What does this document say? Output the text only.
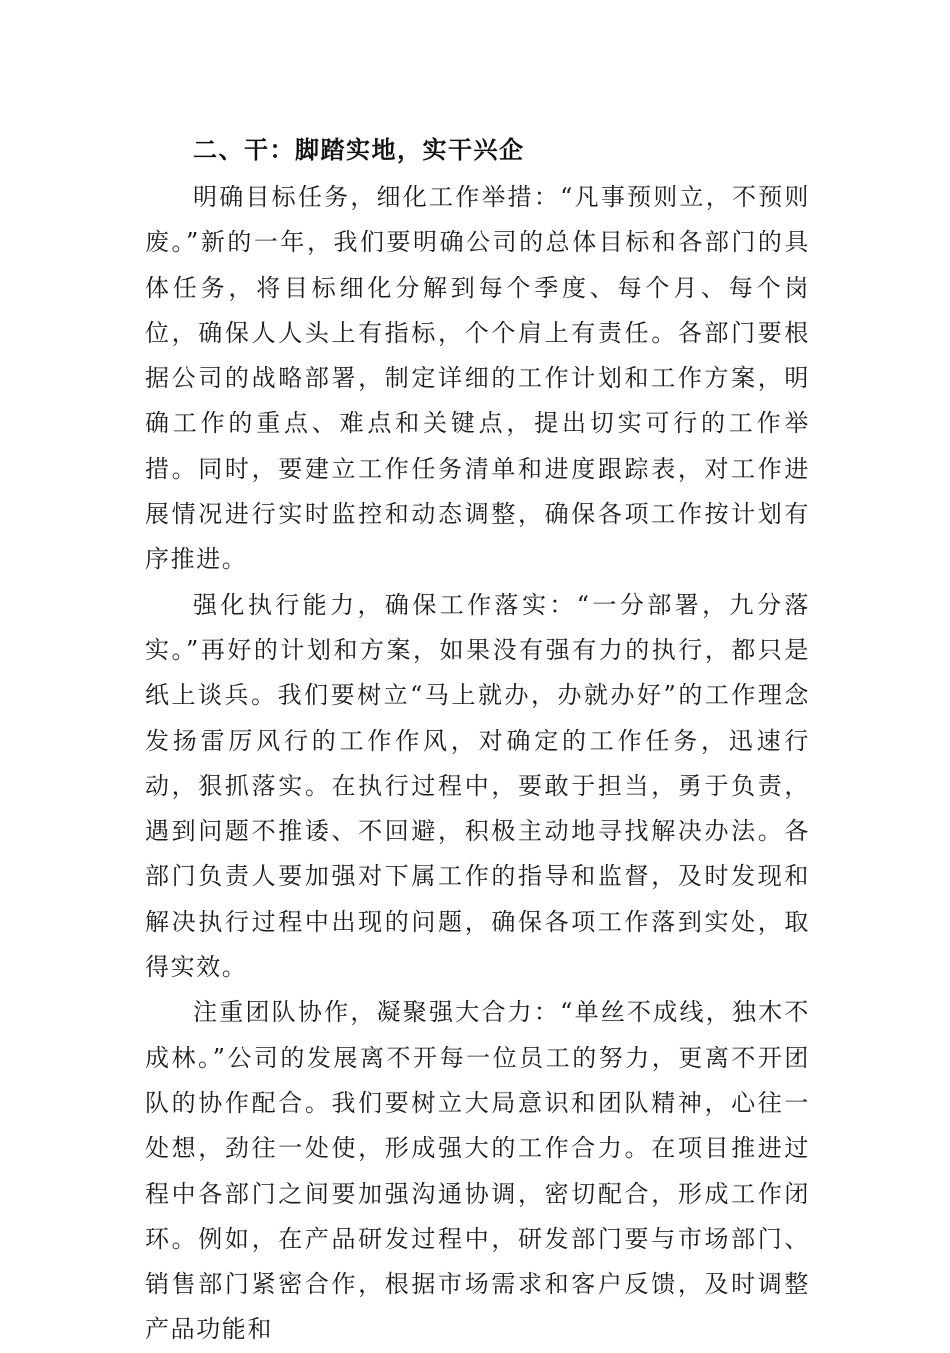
二、干：脚踏实地，实干兴企

明确目标任务，细化工作举措：“凡事预则立，不预则废。”新的一年，我们要明确公司的总体目标和各部门的具体任务，将目标细化分解到每个季度、每个月、每个岗位，确保人人头上有指标，个个肩上有责任。各部门要根据公司的战略部署，制定详细的工作计划和工作方案，明确工作的重点、难点和关键点，提出切实可行的工作举措。同时，要建立工作任务清单和进度跟踪表，对工作进展情况进行实时监控和动态调整，确保各项工作按计划有序推进。

强化执行能力，确保工作落实：“一分部署，九分落实。”再好的计划和方案，如果没有强有力的执行，都只是纸上谈兵。我们要树立“马上就办，办就办好”的工作理念发扬雷厉风行的工作作风，对确定的工作任务，迅速行动，狠抓落实。在执行过程中，要敢于担当，勇于负责，遇到问题不推诿、不回避，积极主动地寻找解决办法。各部门负责人要加强对下属工作的指导和监督，及时发现和解决执行过程中出现的问题，确保各项工作落到实处，取得实效。

注重团队协作，凝聚强大合力：“单丝不成线，独木不成林。”公司的发展离不开每一位员工的努力，更离不开团队的协作配合。我们要树立大局意识和团队精神，心往一处想，劲往一处使，形成强大的工作合力。在项目推进过程中各部门之间要加强沟通协调，密切配合，形成工作闭环。例如，在产品研发过程中，研发部门要与市场部门、销售部门紧密合作，根据市场需求和客户反馈，及时调整产品功能和
